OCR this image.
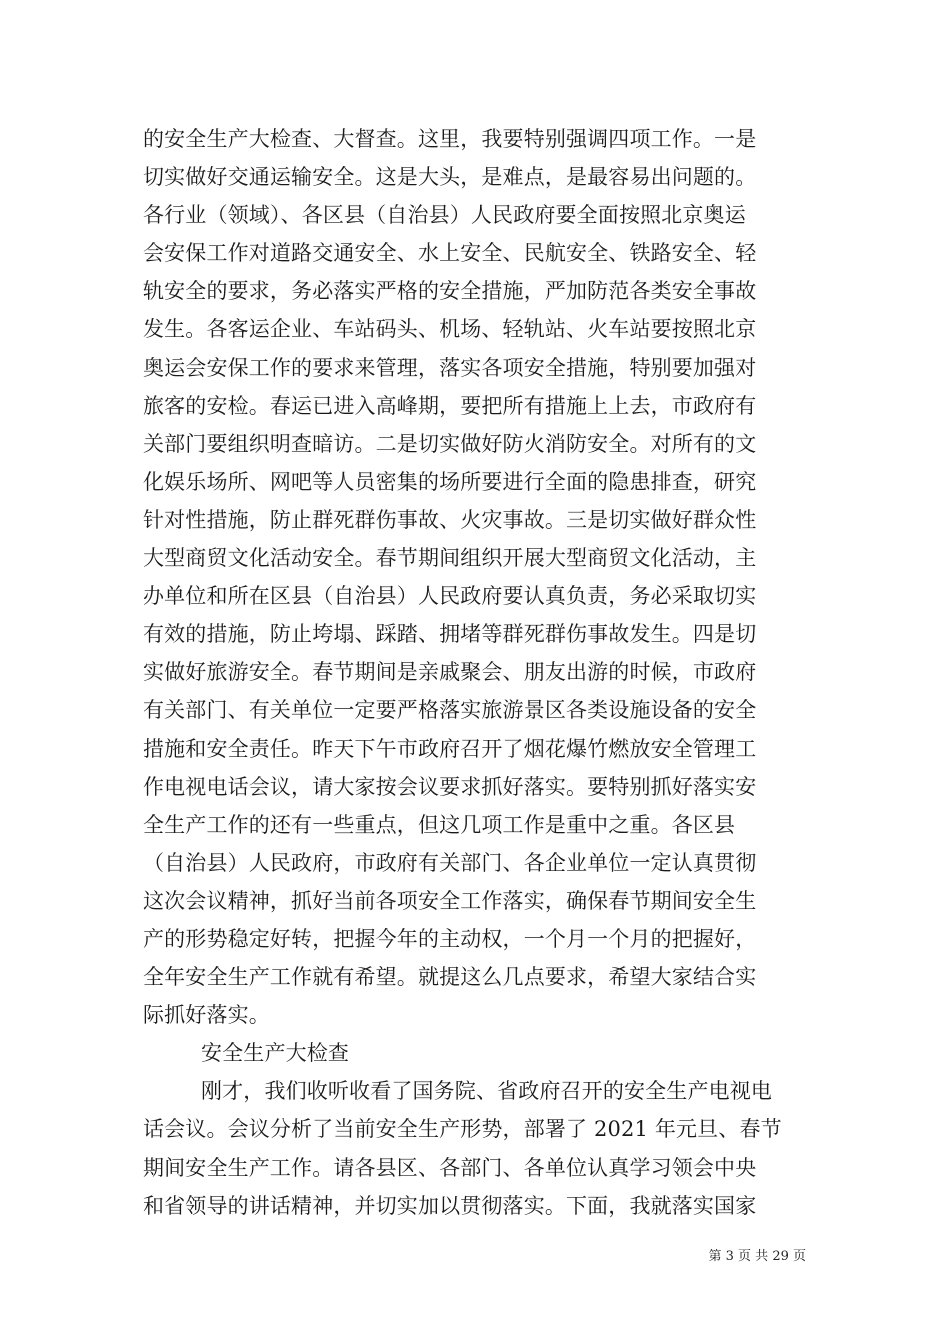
的安全生产大检查、大督查。这里，我要特别强调四项工作。一是
切实做好交通运输安全。这是大头，是难点，是最容易出问题的。
各行业（领域）、各区县（自治县）人民政府要全面按照北京奥运
会安保工作对道路交通安全、水上安全、民航安全、铁路安全、轻
轨安全的要求，务必落实严格的安全措施，严加防范各类安全事故
发生。各客运企业、车站码头、机场、轻轨站、火车站要按照北京
奥运会安保工作的要求来管理，落实各项安全措施，特别要加强对
旅客的安检。春运已进入高峰期，要把所有措施上上去，市政府有
关部门要组织明查暗访。二是切实做好防火消防安全。对所有的文
化娱乐场所、网吧等人员密集的场所要进行全面的隐患排查，研究
针对性措施，防止群死群伤事故、火灾事故。三是切实做好群众性
大型商贸文化活动安全。春节期间组织开展大型商贸文化活动，主
办单位和所在区县（自治县）人民政府要认真负责，务必采取切实
有效的措施，防止垮塌、踩踏、拥堵等群死群伤事故发生。四是切
实做好旅游安全。春节期间是亲戚聚会、朋友出游的时候，市政府
有关部门、有关单位一定要严格落实旅游景区各类设施设备的安全
措施和安全责任。昨天下午市政府召开了烟花爆竹燃放安全管理工
作电视电话会议，请大家按会议要求抓好落实。要特别抓好落实安
全生产工作的还有一些重点，但这几项工作是重中之重。各区县
（自治县）人民政府，市政府有关部门、各企业单位一定认真贯彻
这次会议精神，抓好当前各项安全工作落实，确保春节期间安全生
产的形势稳定好转，把握今年的主动权，一个月一个月的把握好，
全年安全生产工作就有希望。就提这么几点要求，希望大家结合实
际抓好落实。
安全生产大检查
刚才，我们收听收看了国务院、省政府召开的安全生产电视电
话会议。会议分析了当前安全生产形势，部署了 2021 年元旦、春节
期间安全生产工作。请各县区、各部门、各单位认真学习领会中央
和省领导的讲话精神，并切实加以贯彻落实。下面，我就落实国家
第 3 页 共 29 页
